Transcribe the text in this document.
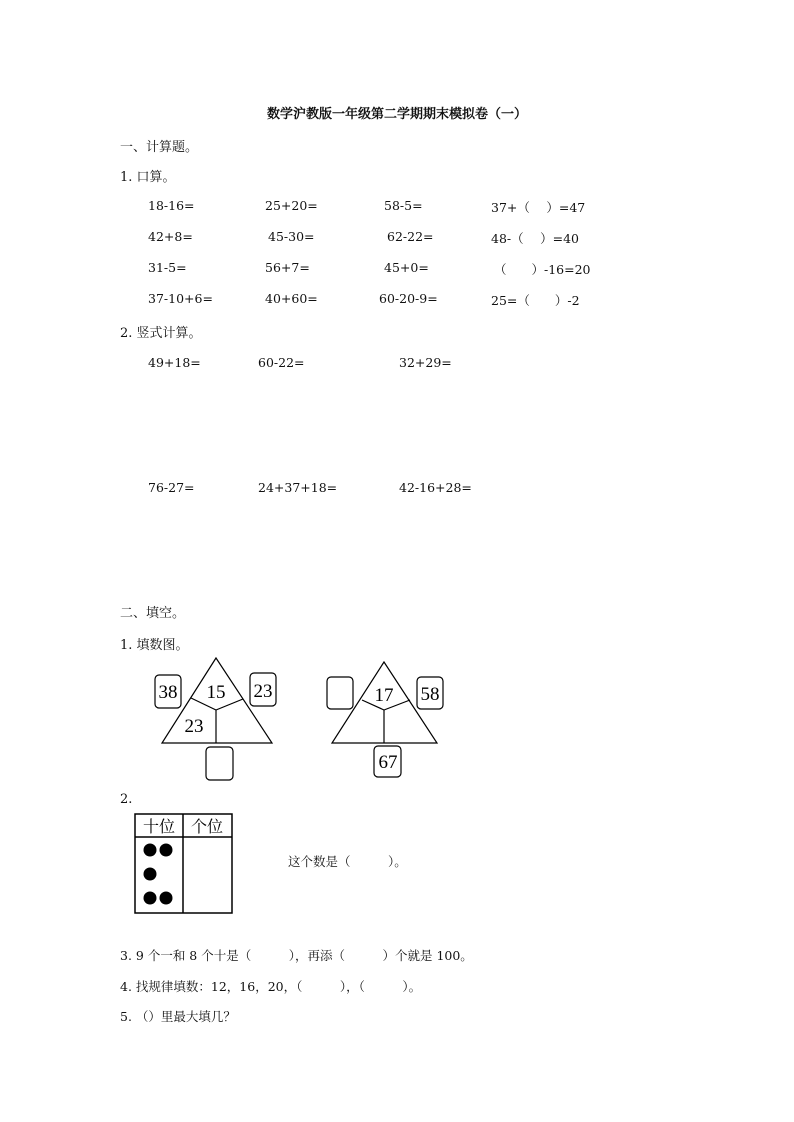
数学沪教版一年级第二学期期末模拟卷（一）
一、计算题。
1. 口算。
18-16=	25+20=	58-5=	37+（　 ）=47
42+8=	45-30=	62-22=	48-（　 ）=40
31-5=	56+7=	45+0=	（　　）-16=20
37-10+6=	40+60=	60-20-9=	25=（　　）-2
2. 竖式计算。
49+18=	60-22=	32+29=
76-27=	24+37+18=	42-16+28=
二、填空。
1. 填数图。
38 15 23
23
17 58
67
2.
十位 个位
这个数是（　　　）。
3. 9 个一和 8 个十是（　　　），再添（　　　）个就是 100。
4. 找规律填数：12，16，20，（　　　），（　　　）。
5. （）里最大填几？
